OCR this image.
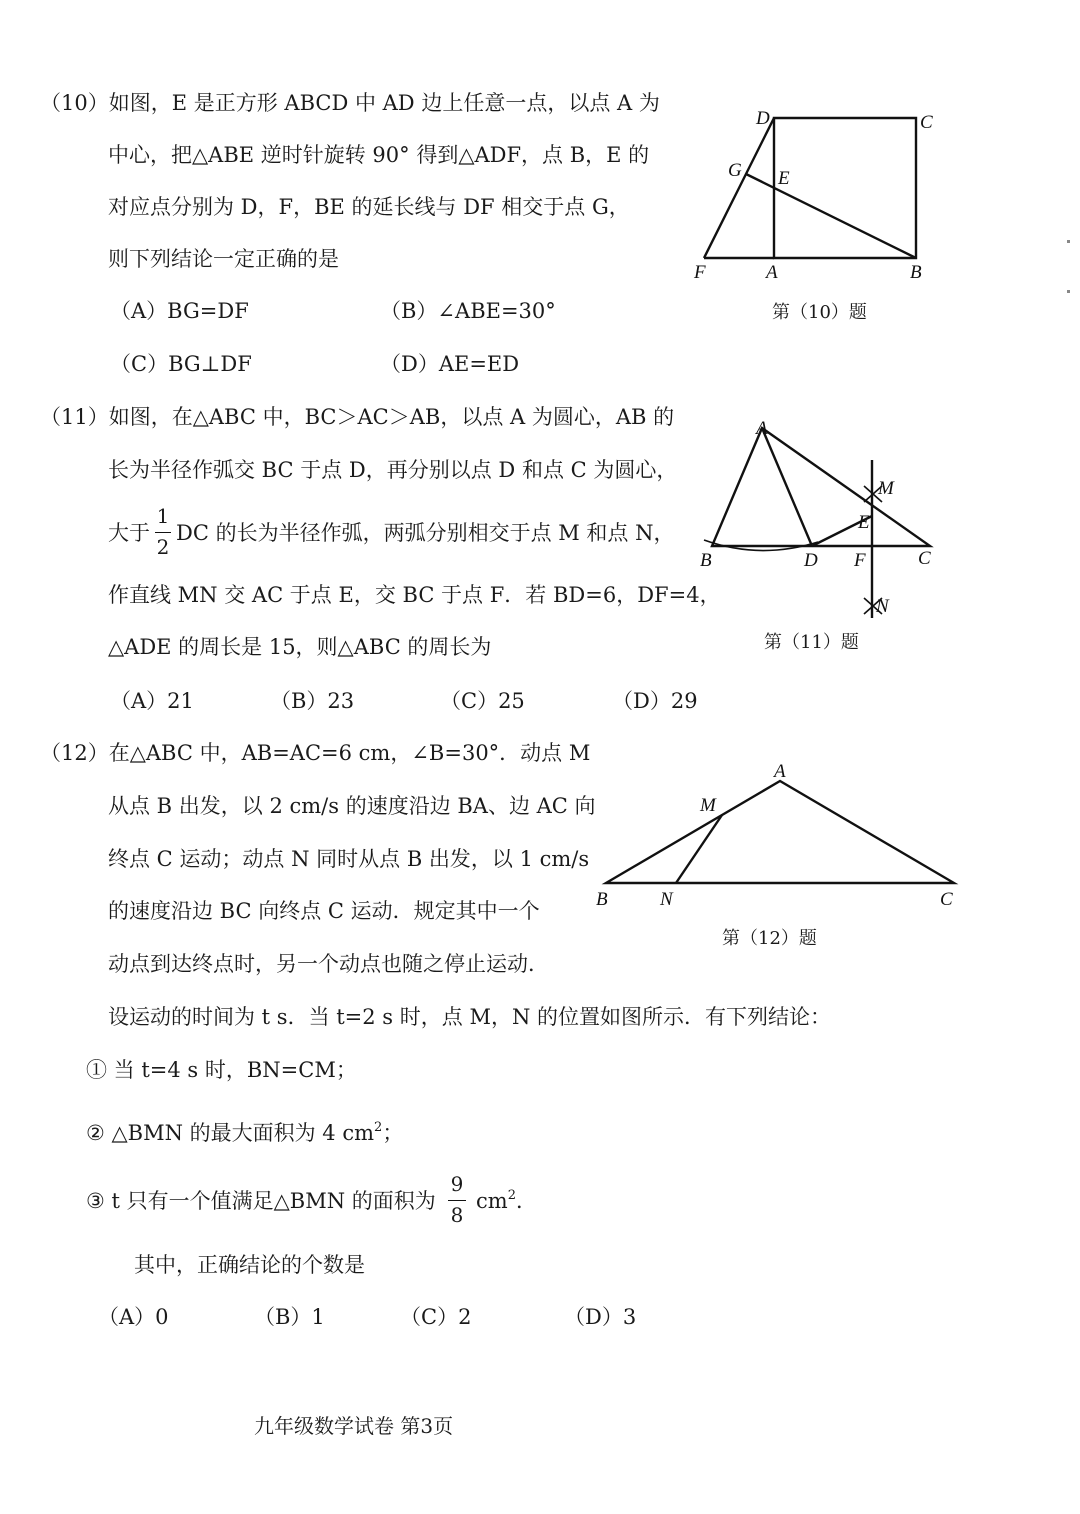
（10）如图，E 是正方形 ABCD 中 AD 边上任意一点，以点 A 为
中心，把△ABE 逆时针旋转 90° 得到△ADF，点 B，E 的
对应点分别为 D，F，BE 的延长线与 DF 相交于点 G，
则下列结论一定正确的是
（A）BG=DF	（B）∠ABE=30°
（C）BG⊥DF	（D）AE=ED
D	C
G E
F	A	B
第（10）题
（11）如图，在△ABC 中，BC＞AC＞AB，以点 A 为圆心，AB 的
长为半径作弧交 BC 于点 D，再分别以点 D 和点 C 为圆心，
大于
1
2
DC 的长为半径作弧，两弧分别相交于点 M 和点 N，
作直线 MN 交 AC 于点 E，交 BC 于点 F．若 BD=6，DF=4，
△ADE 的周长是 15，则△ABC 的周长为
（A）21	（B）23	（C）25	（D）29
A
M
E
B	D F	C
N
第（11）题
（12）在△ABC 中，AB=AC=6 cm，∠B=30°．动点 M
从点 B 出发，以 2 cm/s 的速度沿边 BA、边 AC 向
终点 C 运动；动点 N 同时从点 B 出发，以 1 cm/s
的速度沿边 BC 向终点 C 运动．规定其中一个
动点到达终点时，另一个动点也随之停止运动．
设运动的时间为 t s．当 t=2 s 时，点 M，N 的位置如图所示．有下列结论：
① 当 t=4 s 时，BN=CM；
② △BMN 的最大面积为 4 $cm^2$；
③ t 只有一个值满足△BMN 的面积为
9
8
$cm^2$．
其中，正确结论的个数是
（A）0	（B）1	（C）2	（D）3
A
M
B	N	C
第（12）题
九年级数学试卷 第3页
